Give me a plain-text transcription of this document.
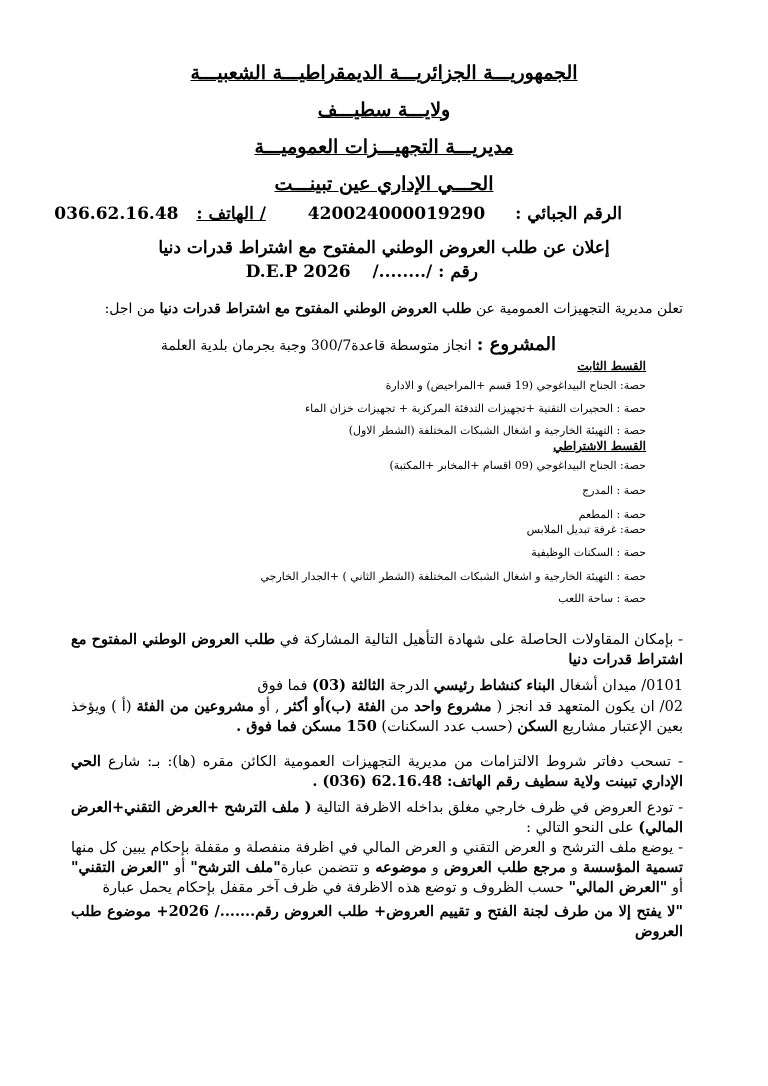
الجمهوريـــة الجزائريـــة الديمقراطيـــة الشعبيـــة
ولايـــة سطيـــف
مديريـــة التجهيـــزات العموميـــة
الحـــي الإداري عين تبينـــت
الرقم الجبائي :  420024000019290  / الهاتف :  036.62.16.48
إعلان عن طلب العروض الوطني المفتوح مع اشتراط قدرات دنيا
رقم : /......../  2026 D.E.P
تعلن مديرية التجهيزات العمومية عن طلب العروض الوطني المفتوح مع اشتراط قدرات دنيا من اجل:
المشروع : انجاز متوسطة قاعدة300/7 وجبة بجرمان بلدية العلمة
القسط الثابت
حصة: الجناح البيداغوجي (19 قسم +المراحيض) و الادارة
حصة : الحجيرات التقنية +تجهيزات التدفئة المركزية + تجهيزات خزان الماء
حصة : التهيئة الخارجية و اشغال الشبكات المختلفة (الشطر الاول)
القسط الاشتراطي
حصة: الجناح البيداغوجي (09 اقسام +المخابر +المكتبة)
حصة : المدرج
حصة : المطعم
حصة: غرفة تبديل الملابس
حصة : السكنات الوظيفية
حصة : التهيئة الخارجية و اشغال الشبكات المختلفة (الشطر الثاني ) +الجدار الخارجي
حصة : ساحة اللعب
- بإمكان المقاولات الحاصلة على شهادة التأهيل التالية المشاركة في طلب العروض الوطني المفتوح مع اشتراط قدرات دنيا
0101/ ميدان أشغال البناء كنشاط رئيسي الدرجة الثالثة (03) فما فوق
02/ ان يكون المتعهد قد انجز ( مشروع واحد من الفئة (ب)أو أكثر , أو مشروعين من الفئة (أ ) ويؤخذ بعين الإعتبار مشاريع السكن (حسب عدد السكنات) 150 مسكن فما فوق .
- تسحب دفاتر شروط الالتزامات من مديرية التجهيزات العمومية الكائن مقره (ها): بـ: شارع الحي الإداري تبينت ولاية سطيف رقم الهاتف: 62.16.48 (036) .
- تودع العروض في ظرف خارجي مغلق بداخله الاظرفة التالية ( ملف الترشح +العرض التقني+العرض المالي) على النحو التالي :
- يوضع ملف الترشح و العرض التقني و العرض المالي في اظرفة منفصلة و مقفلة بإحكام يبين كل منها تسمية المؤسسة و مرجع طلب العروض و موضوعه و تتضمن عبارة"ملف الترشح" أو "العرض التقني" أو "العرض المالي" حسب الظروف و توضع هذه الاظرفة في ظرف آخر مقفل بإحكام يحمل عبارة
"لا يفتح إلا من طرف لجنة الفتح و تقييم العروض+ طلب العروض رقم......./ 2026+ موضوع طلب العروض
